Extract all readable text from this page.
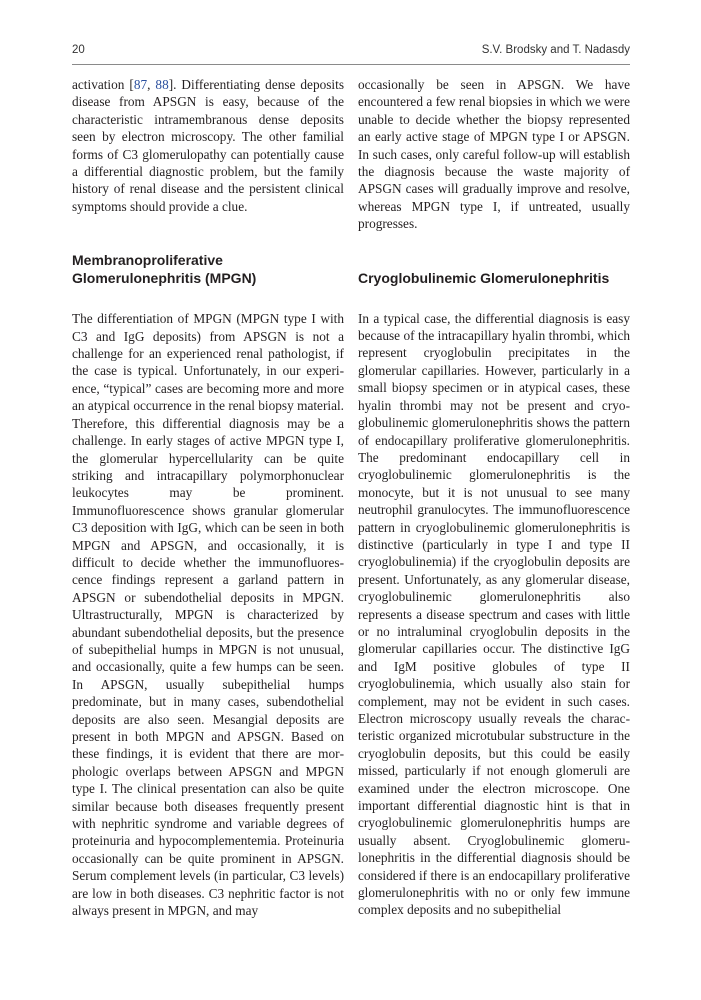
20	S.V. Brodsky and T. Nadasdy

activation [87, 88]. Differentiating dense deposits disease from APSGN is easy, because of the characteristic intramembranous dense deposits seen by electron microscopy. The other familial forms of C3 glomerulopathy can potentially cause a differential diagnostic problem, but the family history of renal disease and the persistent clinical symptoms should provide a clue.

Membranoproliferative Glomerulonephritis (MPGN)

The differentiation of MPGN (MPGN type I with C3 and IgG deposits) from APSGN is not a challenge for an experienced renal pathologist, if the case is typical. Unfortunately, in our experience, “typical” cases are becoming more and more an atypical occurrence in the renal biopsy material. Therefore, this differential diagnosis may be a challenge. In early stages of active MPGN type I, the glomerular hypercellularity can be quite striking and intracapillary polymorphonuclear leukocytes may be prominent. Immunofluorescence shows granular glomerular C3 deposition with IgG, which can be seen in both MPGN and APSGN, and occasionally, it is difficult to decide whether the immunofluorescence findings represent a garland pattern in APSGN or subendothelial deposits in MPGN. Ultrastructurally, MPGN is characterized by abundant subendothelial deposits, but the presence of subepithelial humps in MPGN is not unusual, and occasionally, quite a few humps can be seen. In APSGN, usually subepithelial humps predominate, but in many cases, subendothelial deposits are also seen. Mesangial deposits are present in both MPGN and APSGN. Based on these findings, it is evident that there are morphologic overlaps between APSGN and MPGN type I. The clinical presentation can also be quite similar because both diseases frequently present with nephritic syndrome and variable degrees of proteinuria and hypocomplementemia. Proteinuria occasionally can be quite prominent in APSGN. Serum complement levels (in particular, C3 levels) are low in both diseases. C3 nephritic factor is not always present in MPGN, and may

occasionally be seen in APSGN. We have encountered a few renal biopsies in which we were unable to decide whether the biopsy represented an early active stage of MPGN type I or APSGN. In such cases, only careful follow-up will establish the diagnosis because the waste majority of APSGN cases will gradually improve and resolve, whereas MPGN type I, if untreated, usually progresses.

Cryoglobulinemic Glomerulonephritis

In a typical case, the differential diagnosis is easy because of the intracapillary hyalin thrombi, which represent cryoglobulin precipitates in the glomerular capillaries. However, particularly in a small biopsy specimen or in atypical cases, these hyalin thrombi may not be present and cryoglobulinemic glomerulonephritis shows the pattern of endocapillary proliferative glomerulonephritis. The predominant endocapillary cell in cryoglobulinemic glomerulonephritis is the monocyte, but it is not unusual to see many neutrophil granulocytes. The immunofluorescence pattern in cryoglobulinemic glomerulonephritis is distinctive (particularly in type I and type II cryoglobulinemia) if the cryoglobulin deposits are present. Unfortunately, as any glomerular disease, cryoglobulinemic glomerulonephritis also represents a disease spectrum and cases with little or no intraluminal cryoglobulin deposits in the glomerular capillaries occur. The distinctive IgG and IgM positive globules of type II cryoglobulinemia, which usually also stain for complement, may not be evident in such cases. Electron microscopy usually reveals the characteristic organized microtubular substructure in the cryoglobulin deposits, but this could be easily missed, particularly if not enough glomeruli are examined under the electron microscope. One important differential diagnostic hint is that in cryoglobulinemic glomerulonephritis humps are usually absent. Cryoglobulinemic glomerulonephritis in the differential diagnosis should be considered if there is an endocapillary proliferative glomerulonephritis with no or only few immune complex deposits and no subepithelial
